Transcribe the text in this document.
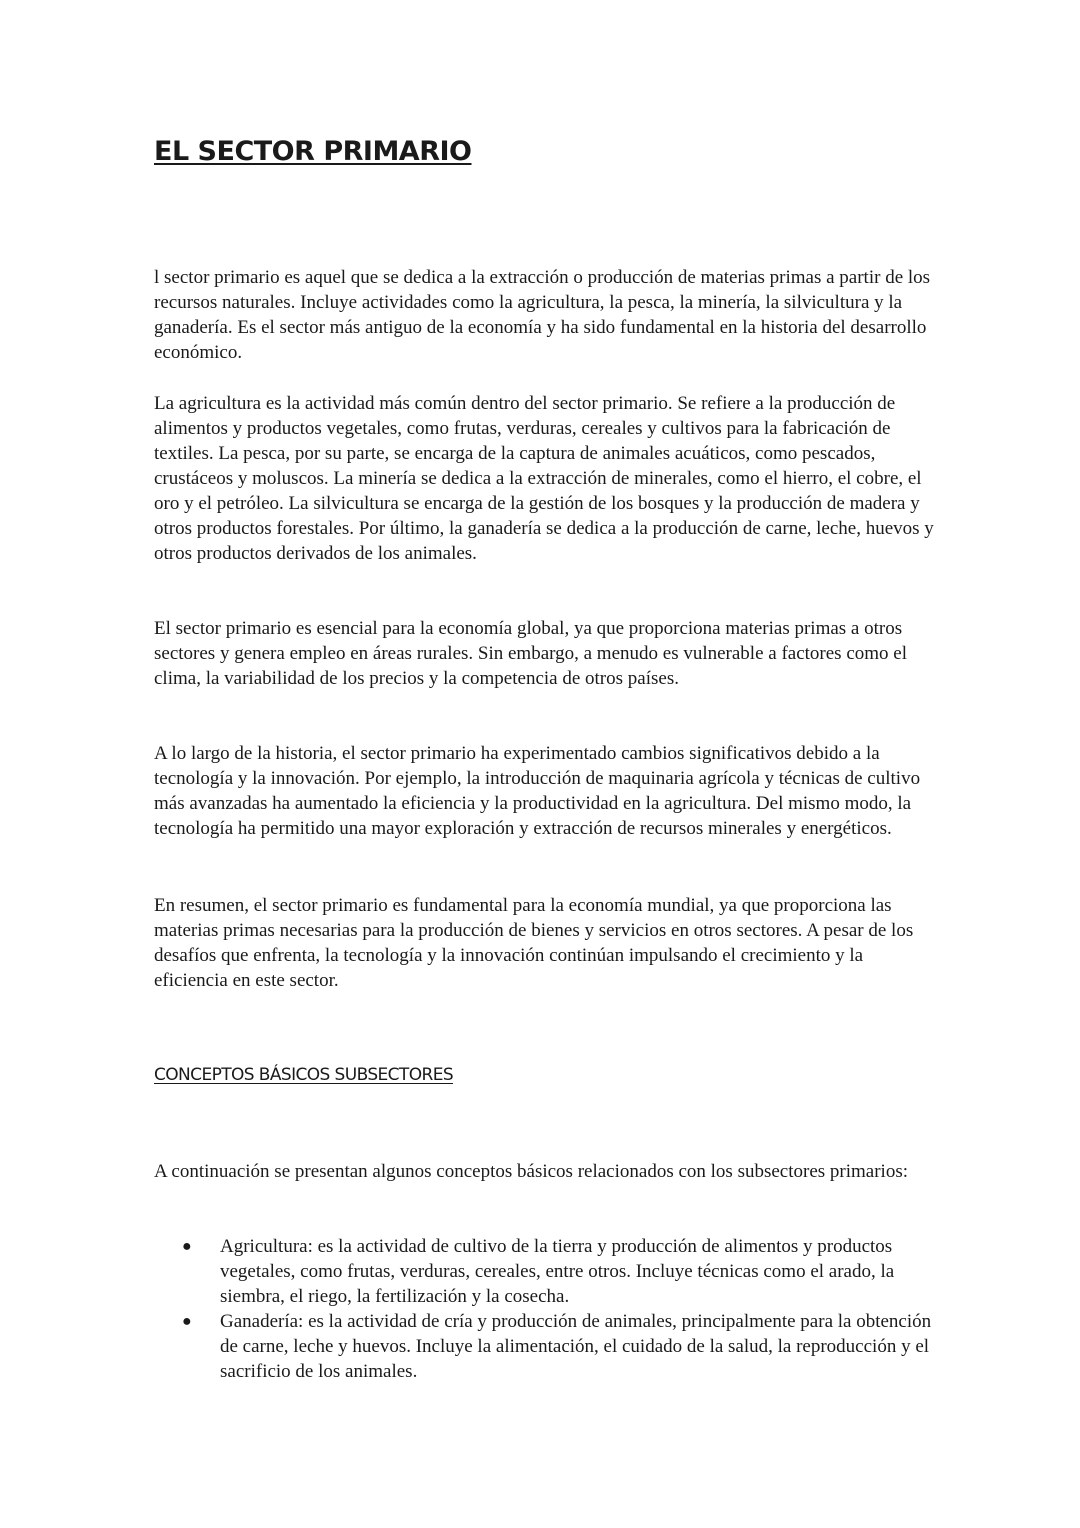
EL SECTOR PRIMARIO

l sector primario es aquel que se dedica a la extracción o producción de materias primas a partir de los recursos naturales. Incluye actividades como la agricultura, la pesca, la minería, la silvicultura y la ganadería. Es el sector más antiguo de la economía y ha sido fundamental en la historia del desarrollo económico.

La agricultura es la actividad más común dentro del sector primario. Se refiere a la producción de alimentos y productos vegetales, como frutas, verduras, cereales y cultivos para la fabricación de textiles. La pesca, por su parte, se encarga de la captura de animales acuáticos, como pescados, crustáceos y moluscos. La minería se dedica a la extracción de minerales, como el hierro, el cobre, el oro y el petróleo. La silvicultura se encarga de la gestión de los bosques y la producción de madera y otros productos forestales. Por último, la ganadería se dedica a la producción de carne, leche, huevos y otros productos derivados de los animales.

El sector primario es esencial para la economía global, ya que proporciona materias primas a otros sectores y genera empleo en áreas rurales. Sin embargo, a menudo es vulnerable a factores como el clima, la variabilidad de los precios y la competencia de otros países.

A lo largo de la historia, el sector primario ha experimentado cambios significativos debido a la tecnología y la innovación. Por ejemplo, la introducción de maquinaria agrícola y técnicas de cultivo más avanzadas ha aumentado la eficiencia y la productividad en la agricultura. Del mismo modo, la tecnología ha permitido una mayor exploración y extracción de recursos minerales y energéticos.

En resumen, el sector primario es fundamental para la economía mundial, ya que proporciona las materias primas necesarias para la producción de bienes y servicios en otros sectores. A pesar de los desafíos que enfrenta, la tecnología y la innovación continúan impulsando el crecimiento y la eficiencia en este sector.

CONCEPTOS BÁSICOS SUBSECTORES

A continuación se presentan algunos conceptos básicos relacionados con los subsectores primarios:

● Agricultura: es la actividad de cultivo de la tierra y producción de alimentos y productos vegetales, como frutas, verduras, cereales, entre otros. Incluye técnicas como el arado, la siembra, el riego, la fertilización y la cosecha.
● Ganadería: es la actividad de cría y producción de animales, principalmente para la obtención de carne, leche y huevos. Incluye la alimentación, el cuidado de la salud, la reproducción y el sacrificio de los animales.
